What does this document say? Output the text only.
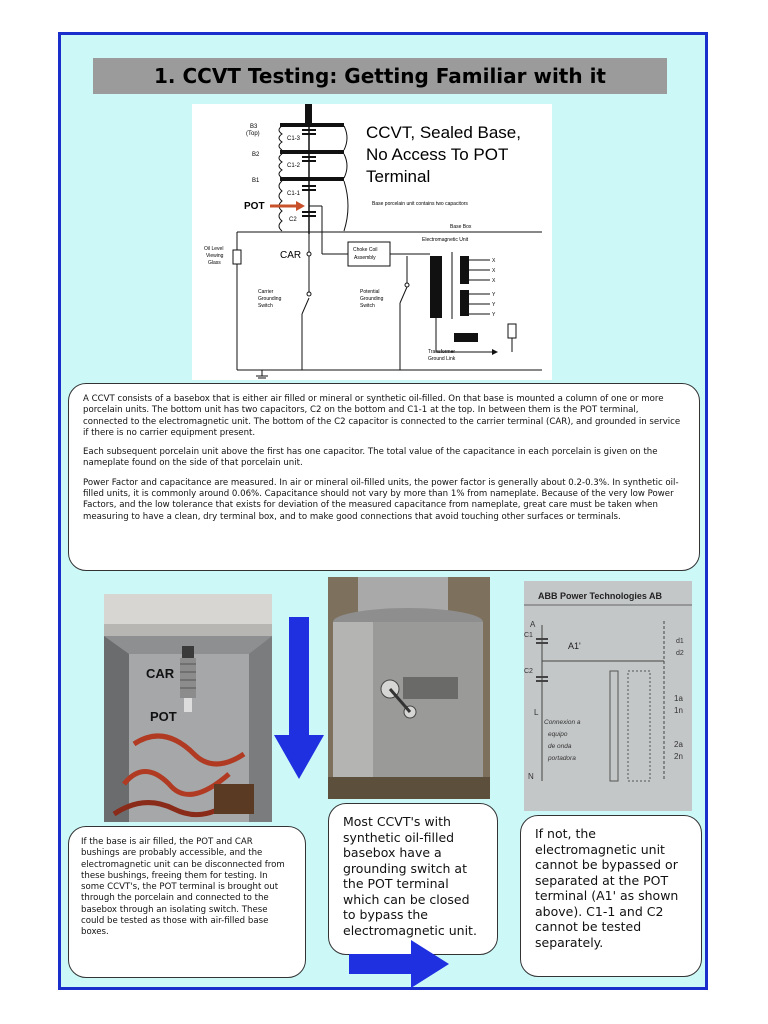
1. CCVT Testing: Getting Familiar with it
B3
(Top)
B2
B1
C1-3
C1-2
C1-1
C2
POT	Base porcelain unit contains two capacitors
Base Box
Oil Level
Viewing
Glass
CAR
Carrier
Grounding
Switch
Choke Coil
Assembly
Potential
Grounding
Switch
Electromagnetic Unit
X
X
X
Y
Y
Y
Transformer
Ground Link
CCVT, Sealed Base,
No Access To POT
Terminal

A CCVT consists of a basebox that is either air filled or mineral or synthetic oil-filled. On that base is mounted a column of one or more porcelain units. The bottom unit has two capacitors, C2 on the bottom and C1-1 at the top. In between them is the POT terminal, connected to the electromagnetic unit. The bottom of the C2 capacitor is connected to the carrier terminal (CAR), and grounded in service if there is no carrier equipment present.

Each subsequent porcelain unit above the first has one capacitor. The total value of the capacitance in each porcelain is given on the nameplate found on the side of that porcelain unit.

Power Factor and capacitance are measured. In air or mineral oil-filled units, the power factor is generally about 0.2-0.3%. In synthetic oil-filled units, it is commonly around 0.06%. Capacitance should not vary by more than 1% from nameplate. Because of the very low Power Factors, and the low tolerance that exists for deviation of the measured capacitance from nameplate, great care must be taken when measuring to have a clean, dry terminal box, and to make good connections that avoid touching other surfaces or terminals.

CAR
POT
ABB Power Technologies AB
A
C1
C2
A1'	d1
d2
L
1a
1n
2a
2n
Connexion a
equipo
de onda
portadora
N

If the base is air filled, the POT and CAR bushings are probably accessible, and the electromagnetic unit can be disconnected from these bushings, freeing them for testing. In some CCVT's, the POT terminal is brought out through the porcelain and connected to the basebox through an isolating switch. These could be tested as those with air-filled base boxes.

Most CCVT's with synthetic oil-filled basebox have a grounding switch at the POT terminal which can be closed to bypass the electromagnetic unit.

If not, the electromagnetic unit cannot be bypassed or separated at the POT terminal (A1' as shown above). C1-1 and C2 cannot be tested separately.
